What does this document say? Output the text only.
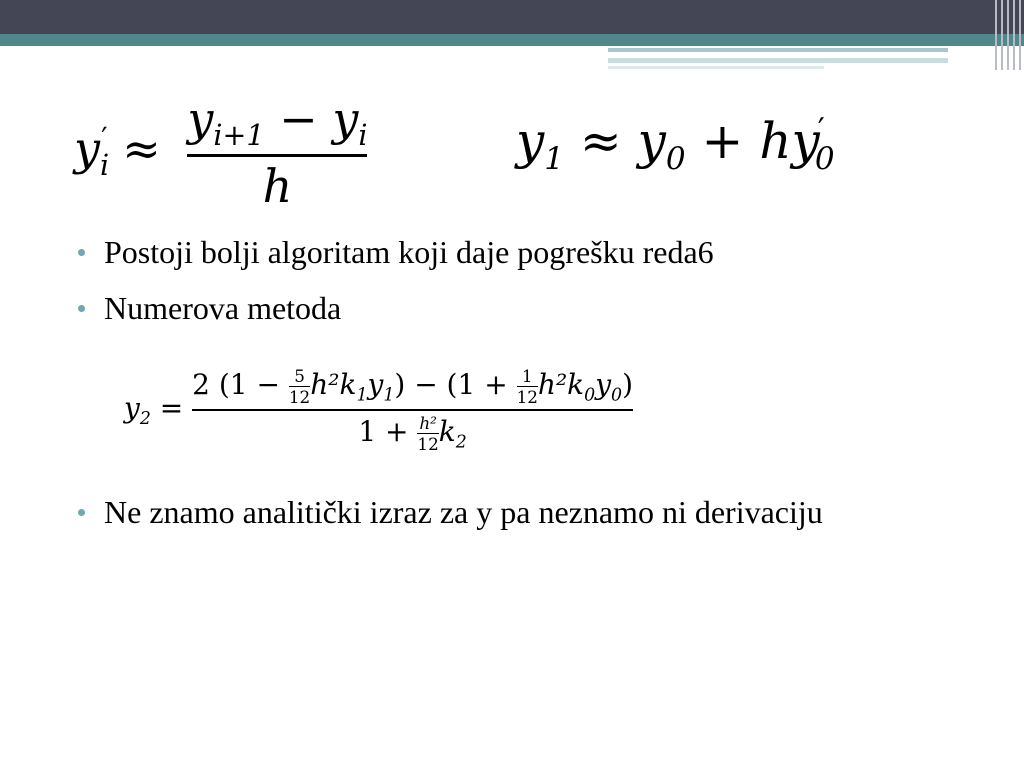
$y_i' \approx \frac{y_{i+1} - y_i}{h}$	$y_1 \approx y_0 + hy'_0$
Postoji bolji algoritam koji daje pogrešku reda6
Numerova metoda
$y_2 = \frac{2 (1 - \frac{5}{12} h^2k_1y_1) - (1 + \frac{1}{12} h^2k_0y_0)}{1 + \frac{\text{h²}}{12} k_2}$
Ne znamo analitički izraz za y pa neznamo ni derivaciju
